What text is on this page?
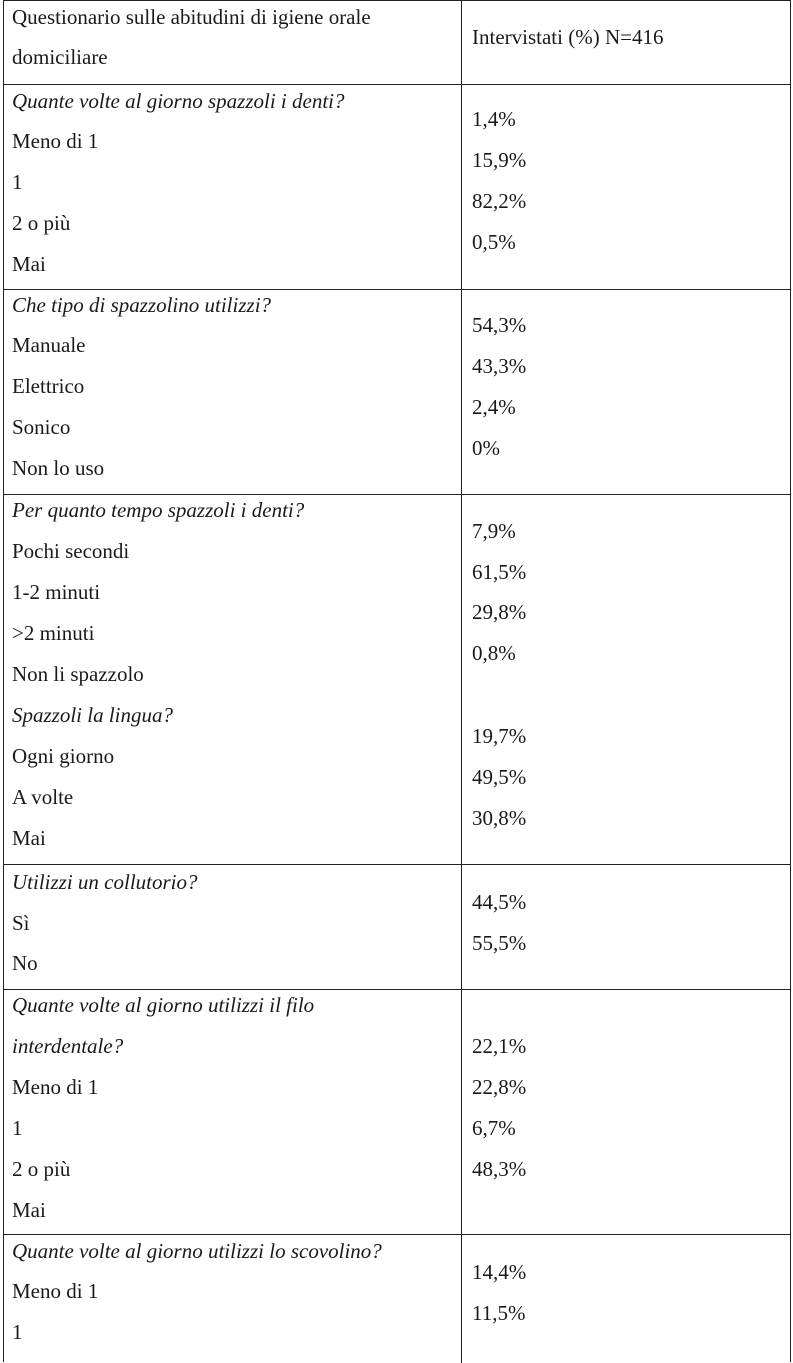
Questionario sulle abitudini di igiene orale
domiciliare
Intervistati (%) N=416
Quante volte al giorno spazzoli i denti?
Meno di 1
1
2 o più
Mai
1,4%
15,9%
82,2%
0,5%
Che tipo di spazzolino utilizzi?
Manuale
Elettrico
Sonico
Non lo uso
54,3%
43,3%
2,4%
0%
Per quanto tempo spazzoli i denti?
Pochi secondi
1-2 minuti
>2 minuti
Non li spazzolo
Spazzoli la lingua?
Ogni giorno
A volte
Mai
7,9%
61,5%
29,8%
0,8%
19,7%
49,5%
30,8%
Utilizzi un collutorio?
Sì
No
44,5%
55,5%
Quante volte al giorno utilizzi il filo
interdentale?
Meno di 1
1
2 o più
Mai
22,1%
22,8%
6,7%
48,3%
Quante volte al giorno utilizzi lo scovolino?
Meno di 1
1
14,4%
11,5%
